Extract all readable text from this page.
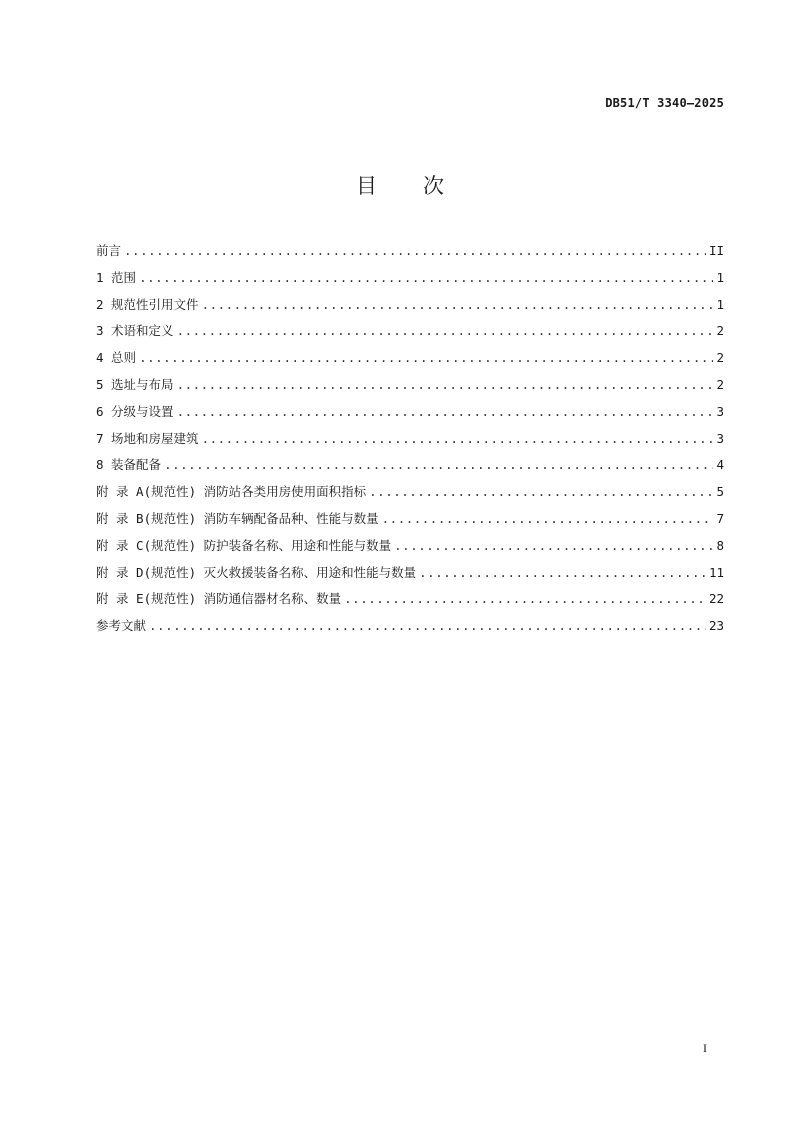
DB51/T 3340—2025
目次
前言 .....	II
1 范围 .....	1
2 规范性引用文件 .....	1
3 术语和定义 .....	2
4 总则 .....	2
5 选址与布局 .....	2
6 分级与设置 .....	3
7 场地和房屋建筑 .....	3
8 装备配备 .....	4
附 录 A(规范性) 消防站各类用房使用面积指标 .....	5
附 录 B(规范性) 消防车辆配备品种、性能与数量 .....	7
附 录 C(规范性) 防护装备名称、用途和性能与数量 .....	8
附 录 D(规范性) 灭火救援装备名称、用途和性能与数量 .....	11
附 录 E(规范性) 消防通信器材名称、数量 .....	22
参考文献 .....	23
I
